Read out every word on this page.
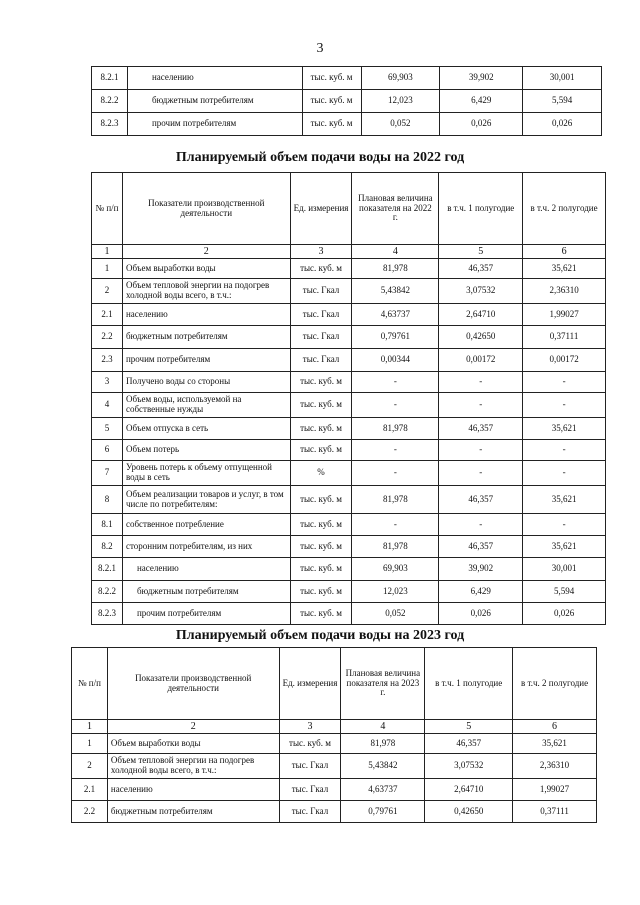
3
8.2.1	населению	тыс. куб. м	69,903	39,902	30,001
8.2.2	бюджетным потребителям	тыс. куб. м	12,023	6,429	5,594
8.2.3	прочим потребителям	тыс. куб. м	0,052	0,026	0,026
Планируемый объем подачи воды на 2022 год
№ п/п	Показатели производственной деятельности	Ед. измерения	Плановая величина показателя на 2022 г.	в т.ч. 1 полугодие	в т.ч. 2 полугодие
1	2	3	4	5	6
1	Объем выработки воды	тыс. куб. м	81,978	46,357	35,621
2	Объем тепловой энергии на подогрев холодной воды всего, в т.ч.:	тыс. Гкал	5,43842	3,07532	2,36310
2.1	населению	тыс. Гкал	4,63737	2,64710	1,99027
2.2	бюджетным потребителям	тыс. Гкал	0,79761	0,42650	0,37111
2.3	прочим потребителям	тыс. Гкал	0,00344	0,00172	0,00172
3	Получено воды со стороны	тыс. куб. м	-	-	-
4	Объем воды, используемой на собственные нужды	тыс. куб. м	-	-	-
5	Объем отпуска в сеть	тыс. куб. м	81,978	46,357	35,621
6	Объем потерь	тыс. куб. м	-	-	-
7	Уровень потерь к объему отпущенной воды в сеть	%	-	-	-
8	Объем реализации товаров и услуг, в том числе по потребителям:	тыс. куб. м	81,978	46,357	35,621
8.1	собственное потребление	тыс. куб. м	-	-	-
8.2	сторонним потребителям, из них	тыс. куб. м	81,978	46,357	35,621
8.2.1	населению	тыс. куб. м	69,903	39,902	30,001
8.2.2	бюджетным потребителям	тыс. куб. м	12,023	6,429	5,594
8.2.3	прочим потребителям	тыс. куб. м	0,052	0,026	0,026
Планируемый объем подачи воды на 2023 год
№ п/п	Показатели производственной деятельности	Ед. измерения	Плановая величина показателя на 2023 г.	в т.ч. 1 полугодие	в т.ч. 2 полугодие
1	2	3	4	5	6
1	Объем выработки воды	тыс. куб. м	81,978	46,357	35,621
2	Объем тепловой энергии на подогрев холодной воды всего, в т.ч.:	тыс. Гкал	5,43842	3,07532	2,36310
2.1	населению	тыс. Гкал	4,63737	2,64710	1,99027
2.2	бюджетным потребителям	тыс. Гкал	0,79761	0,42650	0,37111
